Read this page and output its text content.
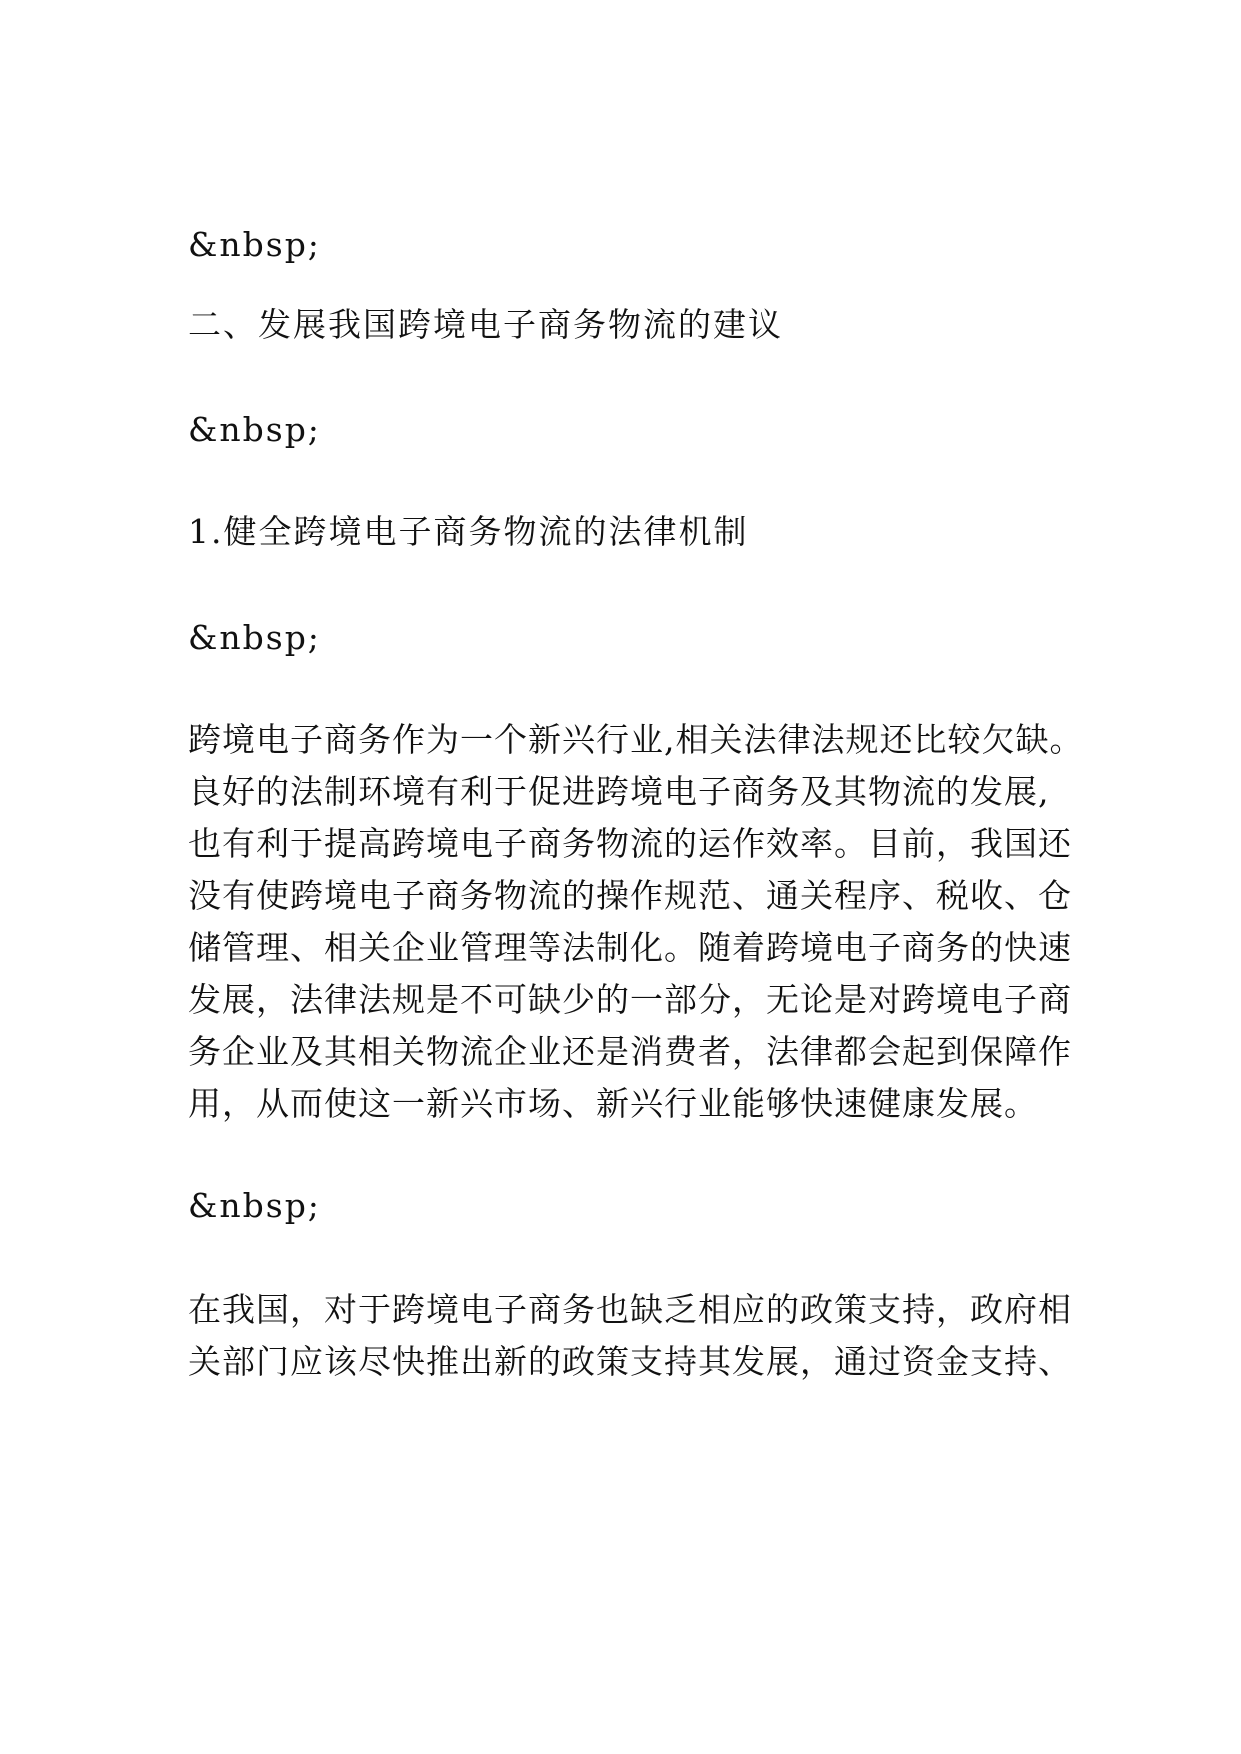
&nbsp;
二、发展我国跨境电子商务物流的建议
&nbsp;
1.健全跨境电子商务物流的法律机制
&nbsp;
跨境电子商务作为一个新兴行业,相关法律法规还比较欠缺。
良好的法制环境有利于促进跨境电子商务及其物流的发展,
也有利于提高跨境电子商务物流的运作效率。目前，我国还
没有使跨境电子商务物流的操作规范、通关程序、税收、仓
储管理、相关企业管理等法制化。随着跨境电子商务的快速
发展，法律法规是不可缺少的一部分，无论是对跨境电子商
务企业及其相关物流企业还是消费者，法律都会起到保障作
用，从而使这一新兴市场、新兴行业能够快速健康发展。
&nbsp;
在我国，对于跨境电子商务也缺乏相应的政策支持，政府相
关部门应该尽快推出新的政策支持其发展，通过资金支持、
